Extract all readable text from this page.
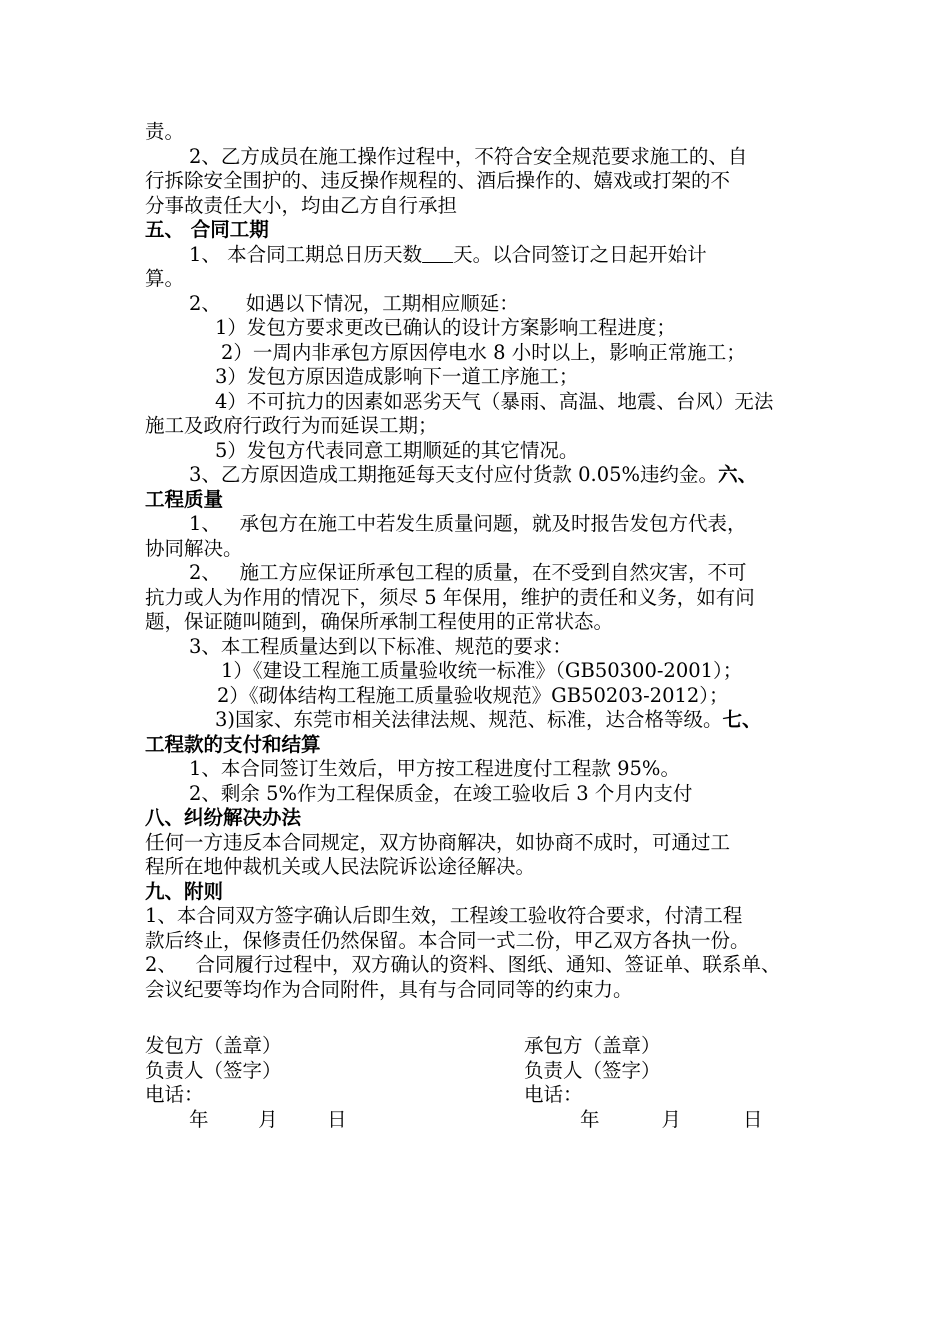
责。
2、乙方成员在施工操作过程中，不符合安全规范要求施工的、自
行拆除安全围护的、违反操作规程的、酒后操作的、嬉戏或打架的不
分事故责任大小，均由乙方自行承担
五、 合同工期
1、 本合同工期总日历天数 天。以合同签订之日起开始计
算。
2、    如遇以下情况，工期相应顺延：
1）发包方要求更改已确认的设计方案影响工程进度；
2）一周内非承包方原因停电水 8 小时以上，影响正常施工；
3）发包方原因造成影响下一道工序施工；
4）不可抗力的因素如恶劣天气（暴雨、高温、地震、台风）无法
施工及政府行政行为而延误工期；
5）发包方代表同意工期顺延的其它情况。
3、乙方原因造成工期拖延每天支付应付货款 0.05%违约金。六、
工程质量
1、   承包方在施工中若发生质量问题，就及时报告发包方代表，
协同解决。
2、   施工方应保证所承包工程的质量，在不受到自然灾害，不可
抗力或人为作用的情况下，须尽 5 年保用，维护的责任和义务，如有问
题，保证随叫随到，确保所承制工程使用的正常状态。
3、本工程质量达到以下标准、规范的要求：
1）《建设工程施工质量验收统一标准》（GB50300-2001）；
2）《砌体结构工程施工质量验收规范》GB50203-2012）；
3)国家、东莞市相关法律法规、规范、标准，达合格等级。七、
工程款的支付和结算
1、本合同签订生效后，甲方按工程进度付工程款 95%。
2、剩余 5%作为工程保质金，在竣工验收后 3 个月内支付
八、纠纷解决办法
任何一方违反本合同规定，双方协商解决，如协商不成时，可通过工
程所在地仲裁机关或人民法院诉讼途径解决。
九、附则
1、本合同双方签字确认后即生效，工程竣工验收符合要求，付清工程
款后终止，保修责任仍然保留。本合同一式二份，甲乙双方各执一份。
2、   合同履行过程中，双方确认的资料、图纸、通知、签证单、联系单、
会议纪要等均作为合同附件，具有与合同同等的约束力。
发包方（盖章）	承包方（盖章）
负责人（签字）	负责人（签字）
电话：	电话：
年        月        日	年          月          日
